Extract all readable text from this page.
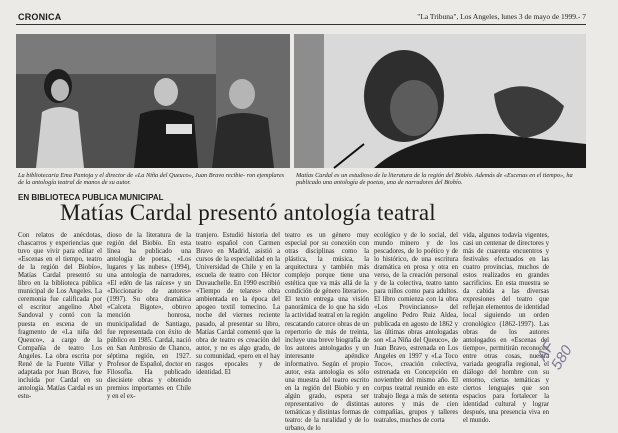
CRONICA	"La Tribuna", Los Angeles, lunes 3 de mayo de 1999.- 7
La bibliotecaria Ema Pantoja y el director de «La Niña del Queuco», Juan Bravo recibie- ron ejemplares de la antología teatral de manos de su autor.
Matías Cardal es un estudioso de la literatura de la región del Biobío. Además de «Escenas en el tiempo», ha publicado una antología de poetas, una de narradores del Biobío.
EN BIBLIOTECA PUBLICA MUNICIPAL
Matías Cardal presentó antología teatral

Con relatos de anécdotas, chascarros y experiencias que tuvo que vivir para editar el «Escenas en el tiempo, teatro de la región del Biobío», Matías Cardal presentó su libro en la biblioteca pública municipal de Los Angeles. La ceremonia fue calificada por el escritor angelino Abel Sandoval y contó con la puesta en escena de un fragmento de «La niña del Queuco», a cargo de la Compañía de teatro Los Angeles. La obra escrita por René de la Fuente Villar y adaptada por Juan Bravo, fue incluida por Cardal en su antología. Matías Cardal es un estu-

dioso de la literatura de la región del Biobío. En esta línea ha publicado una antología de poetas, «Los lugares y las nubes» (1994), una antología de narradores, «El edén de las raíces» y un «Diccionario de autores» (1997). Su obra dramática «Calceta Bigote», obtuvo mención honrosa, municipalidad de Santiago, fue representada con éxito de público en 1985. Cardal, nació en San Ambrosio de Chanco, séptima región, en 1927. Profesor de Español, doctor en Filosofía. Ha publicado diecisiete obras y obtenido premios importantes en Chile y en el ex-

tranjero. Estudió historia del teatro español con Carmen Bravo en Madrid, asistió a cursos de la especialidad en la Universidad de Chile y en la escuela de teatro con Héctor Duvauchelle. En 1990 escribió «Tiempo de telares» obra ambientada en la época del apogeo textil tomecino. La noche del viernes reciente pasado, al presentar su libro, Matías Cardal comentó que la obra de teatro es creación del autor, y no es algo grado, de su comunidad, «pero en el hay rasgos epocales y de identidad. El

teatro es un género muy especial por su conexión con otras disciplinas como la plástica, la música, la arquitectura y también más complejo porque tiene una estética que va más allá de la condición de género literario». El texto entrega una visión panorámica de lo que ha sido la actividad teatral en la región rescatando catorce obras de un repertorio de más de treinta, incluye una breve biografía de los autores antologados y un interesante apéndice informativo. Según el propio autor, esta antología es sólo una muestra del teatro escrito en la región del Biobío y en algún grado, espera ser representativo de distintas temáticas y distintas formas de teatro: de la ruralidad y de lo urbano, de lo

ecológico y de lo social, del mundo minero y de los pescadores, de lo poético y de lo histórico, de una escritura dramática en prosa y otra en verso, de la creación personal y de la colectiva, teatro tanto para niños como para adultos. El libro comienza con la obra «Los Provincianos» del angelino Pedro Ruiz Aldea, publicada en agosto de 1862 y las últimas obras antologadas son «La Niña del Queuco», de Juan Bravo, estrenada en Los Angeles en 1997 y «La Toco Toco», creación colectiva, estrenada en Concepción en noviembre del mismo año. El corpus teatral reunido en este trabajo llega a más de setenta autores y más de cien compañías, grupos y talleres teatrales, muchos de corta

vida, algunos todavía vigentes, casi un centenar de directores y más de cuarenta encuentros y festivales efectuados en las cuatro provincias, muchos de estos realizados en grandes sacrificios. En esta muestra se da cabida a las diversas expresiones del teatro que reflejan elementos de identidad local siguiendo un orden cronológico (1862-1997). Las obras de los autores antologados en «Escenas del tiempo», permitirán reconocer, entre otras cosas, nuestra variada geografía regional, el diálogo del hombre con su entorno, ciertas temáticas y ciertos lenguajes que son espacios para fortalecer la identidad cultural y lograr después, una presencia viva en el mundo.

AF 580
